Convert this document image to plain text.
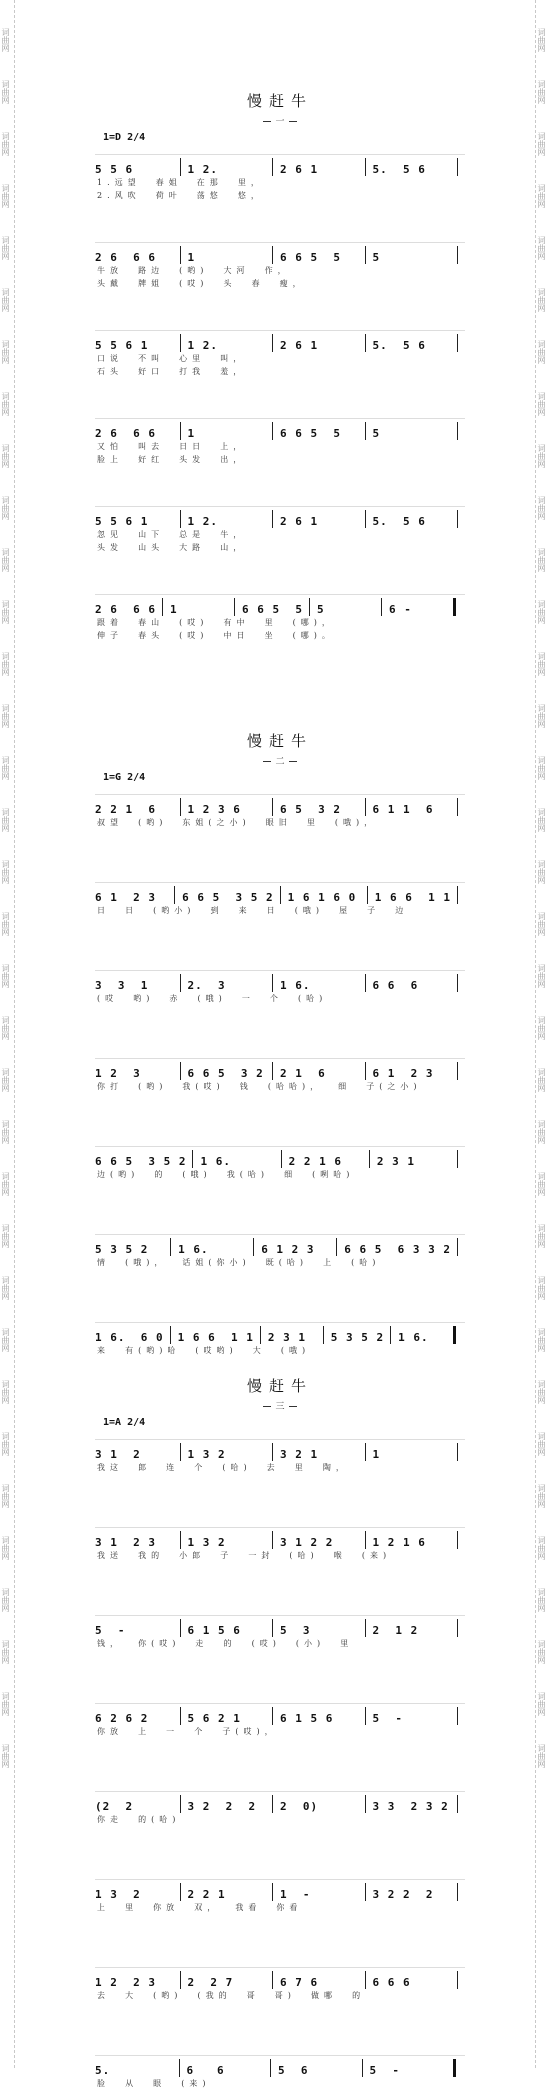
词曲网
词曲网
词曲网
词曲网
词曲网
词曲网
词曲网
词曲网
词曲网
词曲网
词曲网
词曲网
词曲网
词曲网
词曲网
词曲网
词曲网
词曲网
词曲网
词曲网
词曲网
词曲网
词曲网
词曲网
词曲网
词曲网
词曲网
词曲网
词曲网
词曲网
词曲网
词曲网
词曲网
词曲网
词曲网
词曲网
词曲网
词曲网
词曲网
词曲网
词曲网
词曲网
词曲网
词曲网
词曲网
词曲网
词曲网
词曲网
词曲网
词曲网
词曲网
词曲网
词曲网
词曲网
词曲网
词曲网
词曲网
词曲网
词曲网
词曲网
词曲网
词曲网
词曲网
词曲网
词曲网
词曲网
词曲网
词曲网
慢赶牛
一
1=D 2/4
5 5 6	1 2.	2 6 1	5.  5 6
1.远望  春姐  在那  里，
2.风吹  荷叶  荡悠  悠，
2 6  6 6	1	6 6 5  5	5
牛放  路边  (哟)  大河  作，
头戴  牌姐  (哎)  头  春  瘦，
5 5 6 1	1 2.	2 6 1	5.  5 6
口说  不叫  心里  叫，
石头  好口  打我  羞，
2 6  6 6	1	6 6 5  5	5
又怕  叫去  日日  上，
脸上  好红  头发  出，
5 5 6 1	1 2.	2 6 1	5.  5 6
忽见  山下  总是  牛，
头发  山头  大路  山，
2 6  6 6 1	6 6 5  5 5	6 -
跟着  春山  (哎)  有中  里  (哪)，
伸子  春头  (哎)  中日  坐  (哪)。
慢赶牛
二
1=G 2/4
2 2 1  6	1 2 3 6	6 5  3 2	6 1 1  6
叔望  (哟)  东姐(之小)  眼旧  里  (哦)，
6 1  2 3	6 6 5  3 5 2 1 6 1 6 0	1 6 6  1 1
日  日  (哟小)  到  来  日  (哦)  屋  子  边
3  3  1	2.  3	1 6.	6 6  6
(哎  哟)  赤  (哦)  一  个  (哈)
1 2  3	6 6 5  3 2 2 1  6	6 1  2 3
你打  (哟)  我(哎)  钱  (哈哈)，  细  子(之小)
6 6 5  3 5 2 1 6.	2 2 1 6	2 3 1
边(哟)  的  (哦)  我(哈)  细  (咧哈)
5 3 5 2	1 6.	6 1 2 3	6 6 5  6 3 3 2
情  (哦)，  话姐(你小)  既(哈)  上  (哈)
1 6.  6 0 1 6 6  1 1 2 3 1	5 3 5 2 1 6.
来  有(哟)哈  (哎哟)  大  (哦)
慢赶牛
三
1=A 2/4
3 1  2	1 3 2	3 2 1	1
我这  郎  连  个  (哈)  去  里  陶，
3 1  2 3	1 3 2	3 1 2 2	1 2 1 6
我送  我的  小郎  子  一封  (哈)  喉  (来)
5  -	6 1 5 6	5  3	2  1 2
钱，  你(哎)  走  的  (哎)  (小)  里
6 2 6 2	5 6 2 1	6 1 5 6	5  -
你放  上  一  个  子(哎)，
(2  2	3 2  2  2	2  0)	3 3  2 3 2
你走  的(哈)
1 3  2	2 2 1	1  -	3 2 2  2
上  里  你放  双，  我看  你看
1 2  2 3	2  2 7	6 7 6	6 6 6
去  大  (哟)  (我的  哥  哥)  做哪  的
5.	6   6	5  6	5  -
脸  从  眼  (来)
